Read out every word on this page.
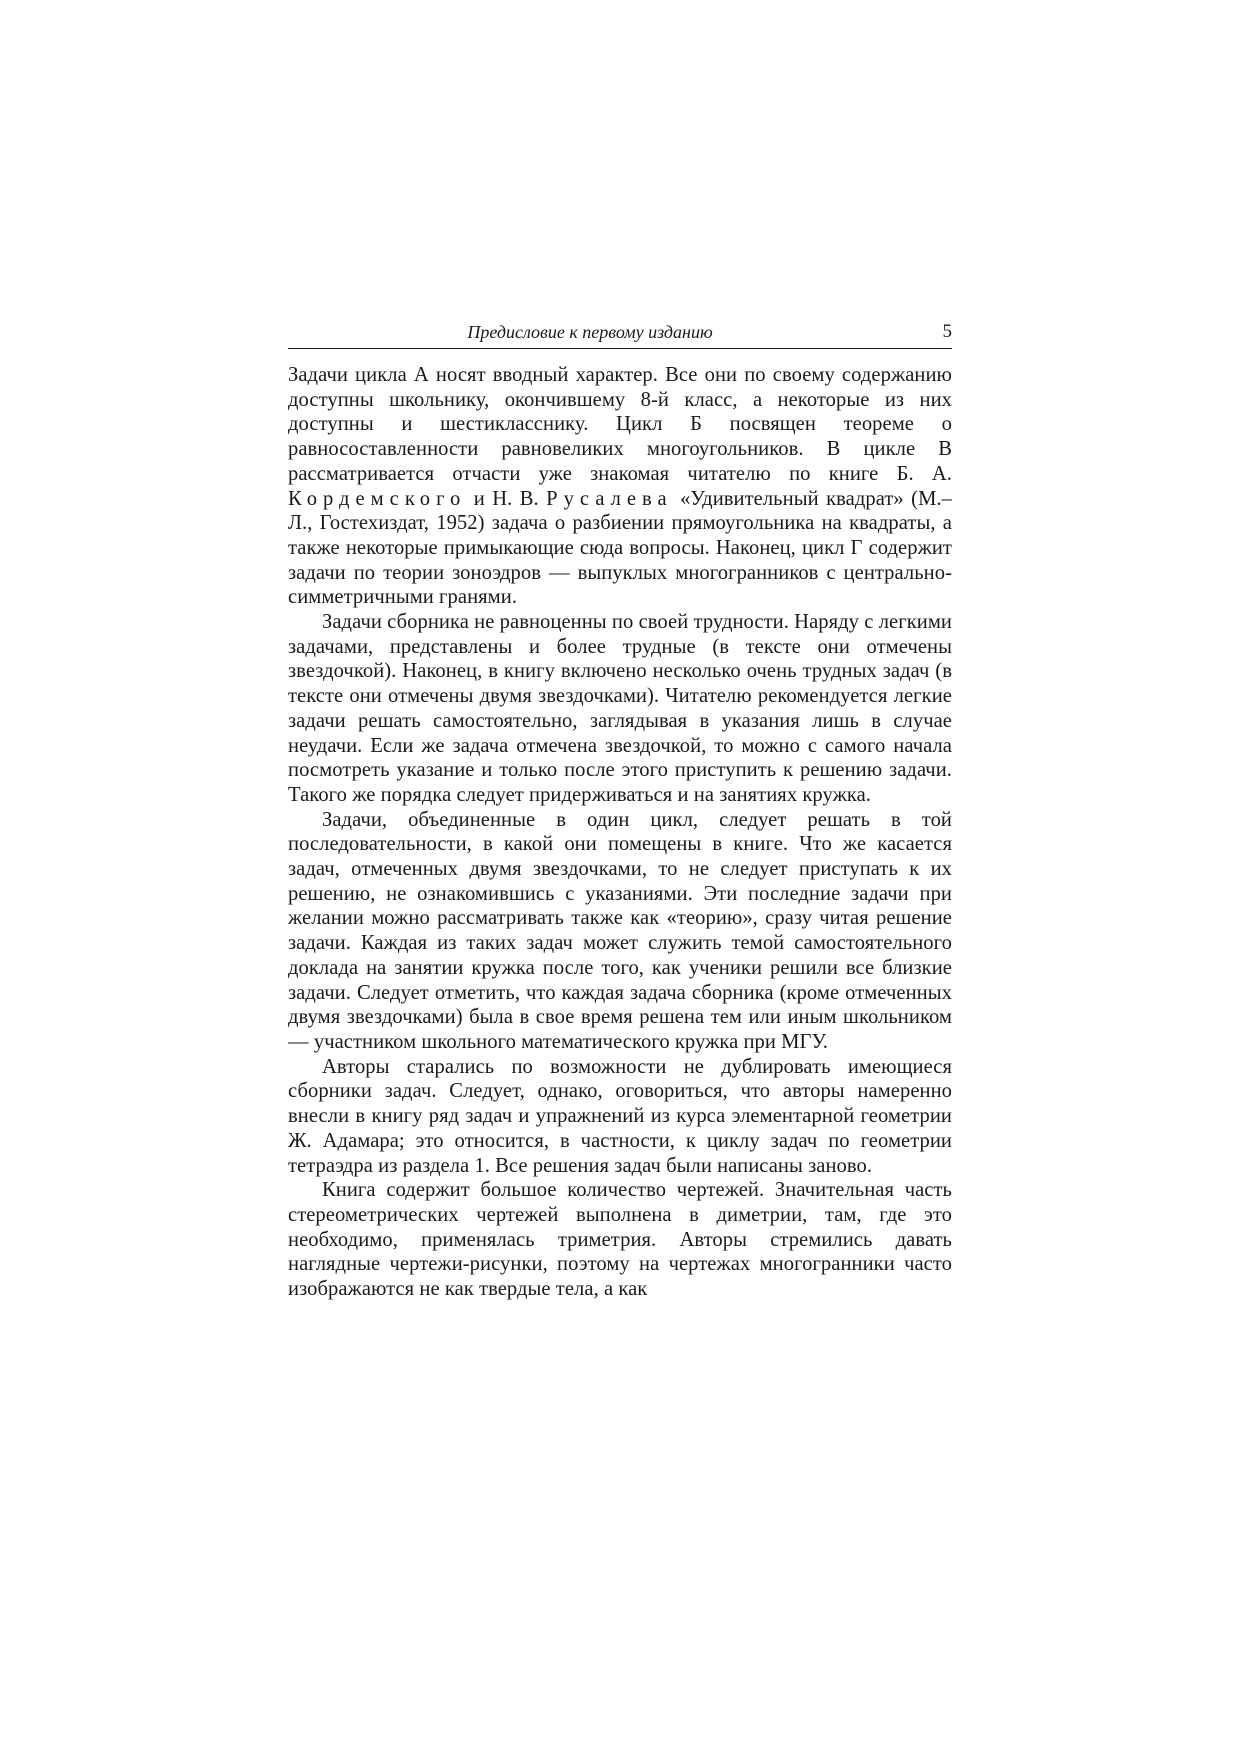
Предисловие к первому изданию	5

Задачи цикла А носят вводный характер. Все они по своему содержанию доступны школьнику, окончившему 8-й класс, а некоторые из них доступны и шестикласснику. Цикл Б посвящен теореме о равносоставленности равновеликих многоугольников. В цикле В рассматривается отчасти уже знакомая читателю по книге Б. А. Кордемского и Н. В. Русалева «Удивительный квадрат» (М.–Л., Гостехиздат, 1952) задача о разбиении прямоугольника на квадраты, а также некоторые примыкающие сюда вопросы. Наконец, цикл Г содержит задачи по теории зоноэдров — выпуклых многогранников с центрально-симметричными гранями.

Задачи сборника не равноценны по своей трудности. Наряду с легкими задачами, представлены и более трудные (в тексте они отмечены звездочкой). Наконец, в книгу включено несколько очень трудных задач (в тексте они отмечены двумя звездочками). Читателю рекомендуется легкие задачи решать самостоятельно, заглядывая в указания лишь в случае неудачи. Если же задача отмечена звездочкой, то можно с самого начала посмотреть указание и только после этого приступить к решению задачи. Такого же порядка следует придерживаться и на занятиях кружка.

Задачи, объединенные в один цикл, следует решать в той последовательности, в какой они помещены в книге. Что же касается задач, отмеченных двумя звездочками, то не следует приступать к их решению, не ознакомившись с указаниями. Эти последние задачи при желании можно рассматривать также как «теорию», сразу читая решение задачи. Каждая из таких задач может служить темой самостоятельного доклада на занятии кружка после того, как ученики решили все близкие задачи. Следует отметить, что каждая задача сборника (кроме отмеченных двумя звездочками) была в свое время решена тем или иным школьником — участником школьного математического кружка при МГУ.

Авторы старались по возможности не дублировать имеющиеся сборники задач. Следует, однако, оговориться, что авторы намеренно внесли в книгу ряд задач и упражнений из курса элементарной геометрии Ж. Адамара; это относится, в частности, к циклу задач по геометрии тетраэдра из раздела 1. Все решения задач были написаны заново.

Книга содержит большое количество чертежей. Значительная часть стереометрических чертежей выполнена в диметрии, там, где это необходимо, применялась триметрия. Авторы стремились давать наглядные чертежи-рисунки, поэтому на чертежах многогранники часто изображаются не как твердые тела, а как
